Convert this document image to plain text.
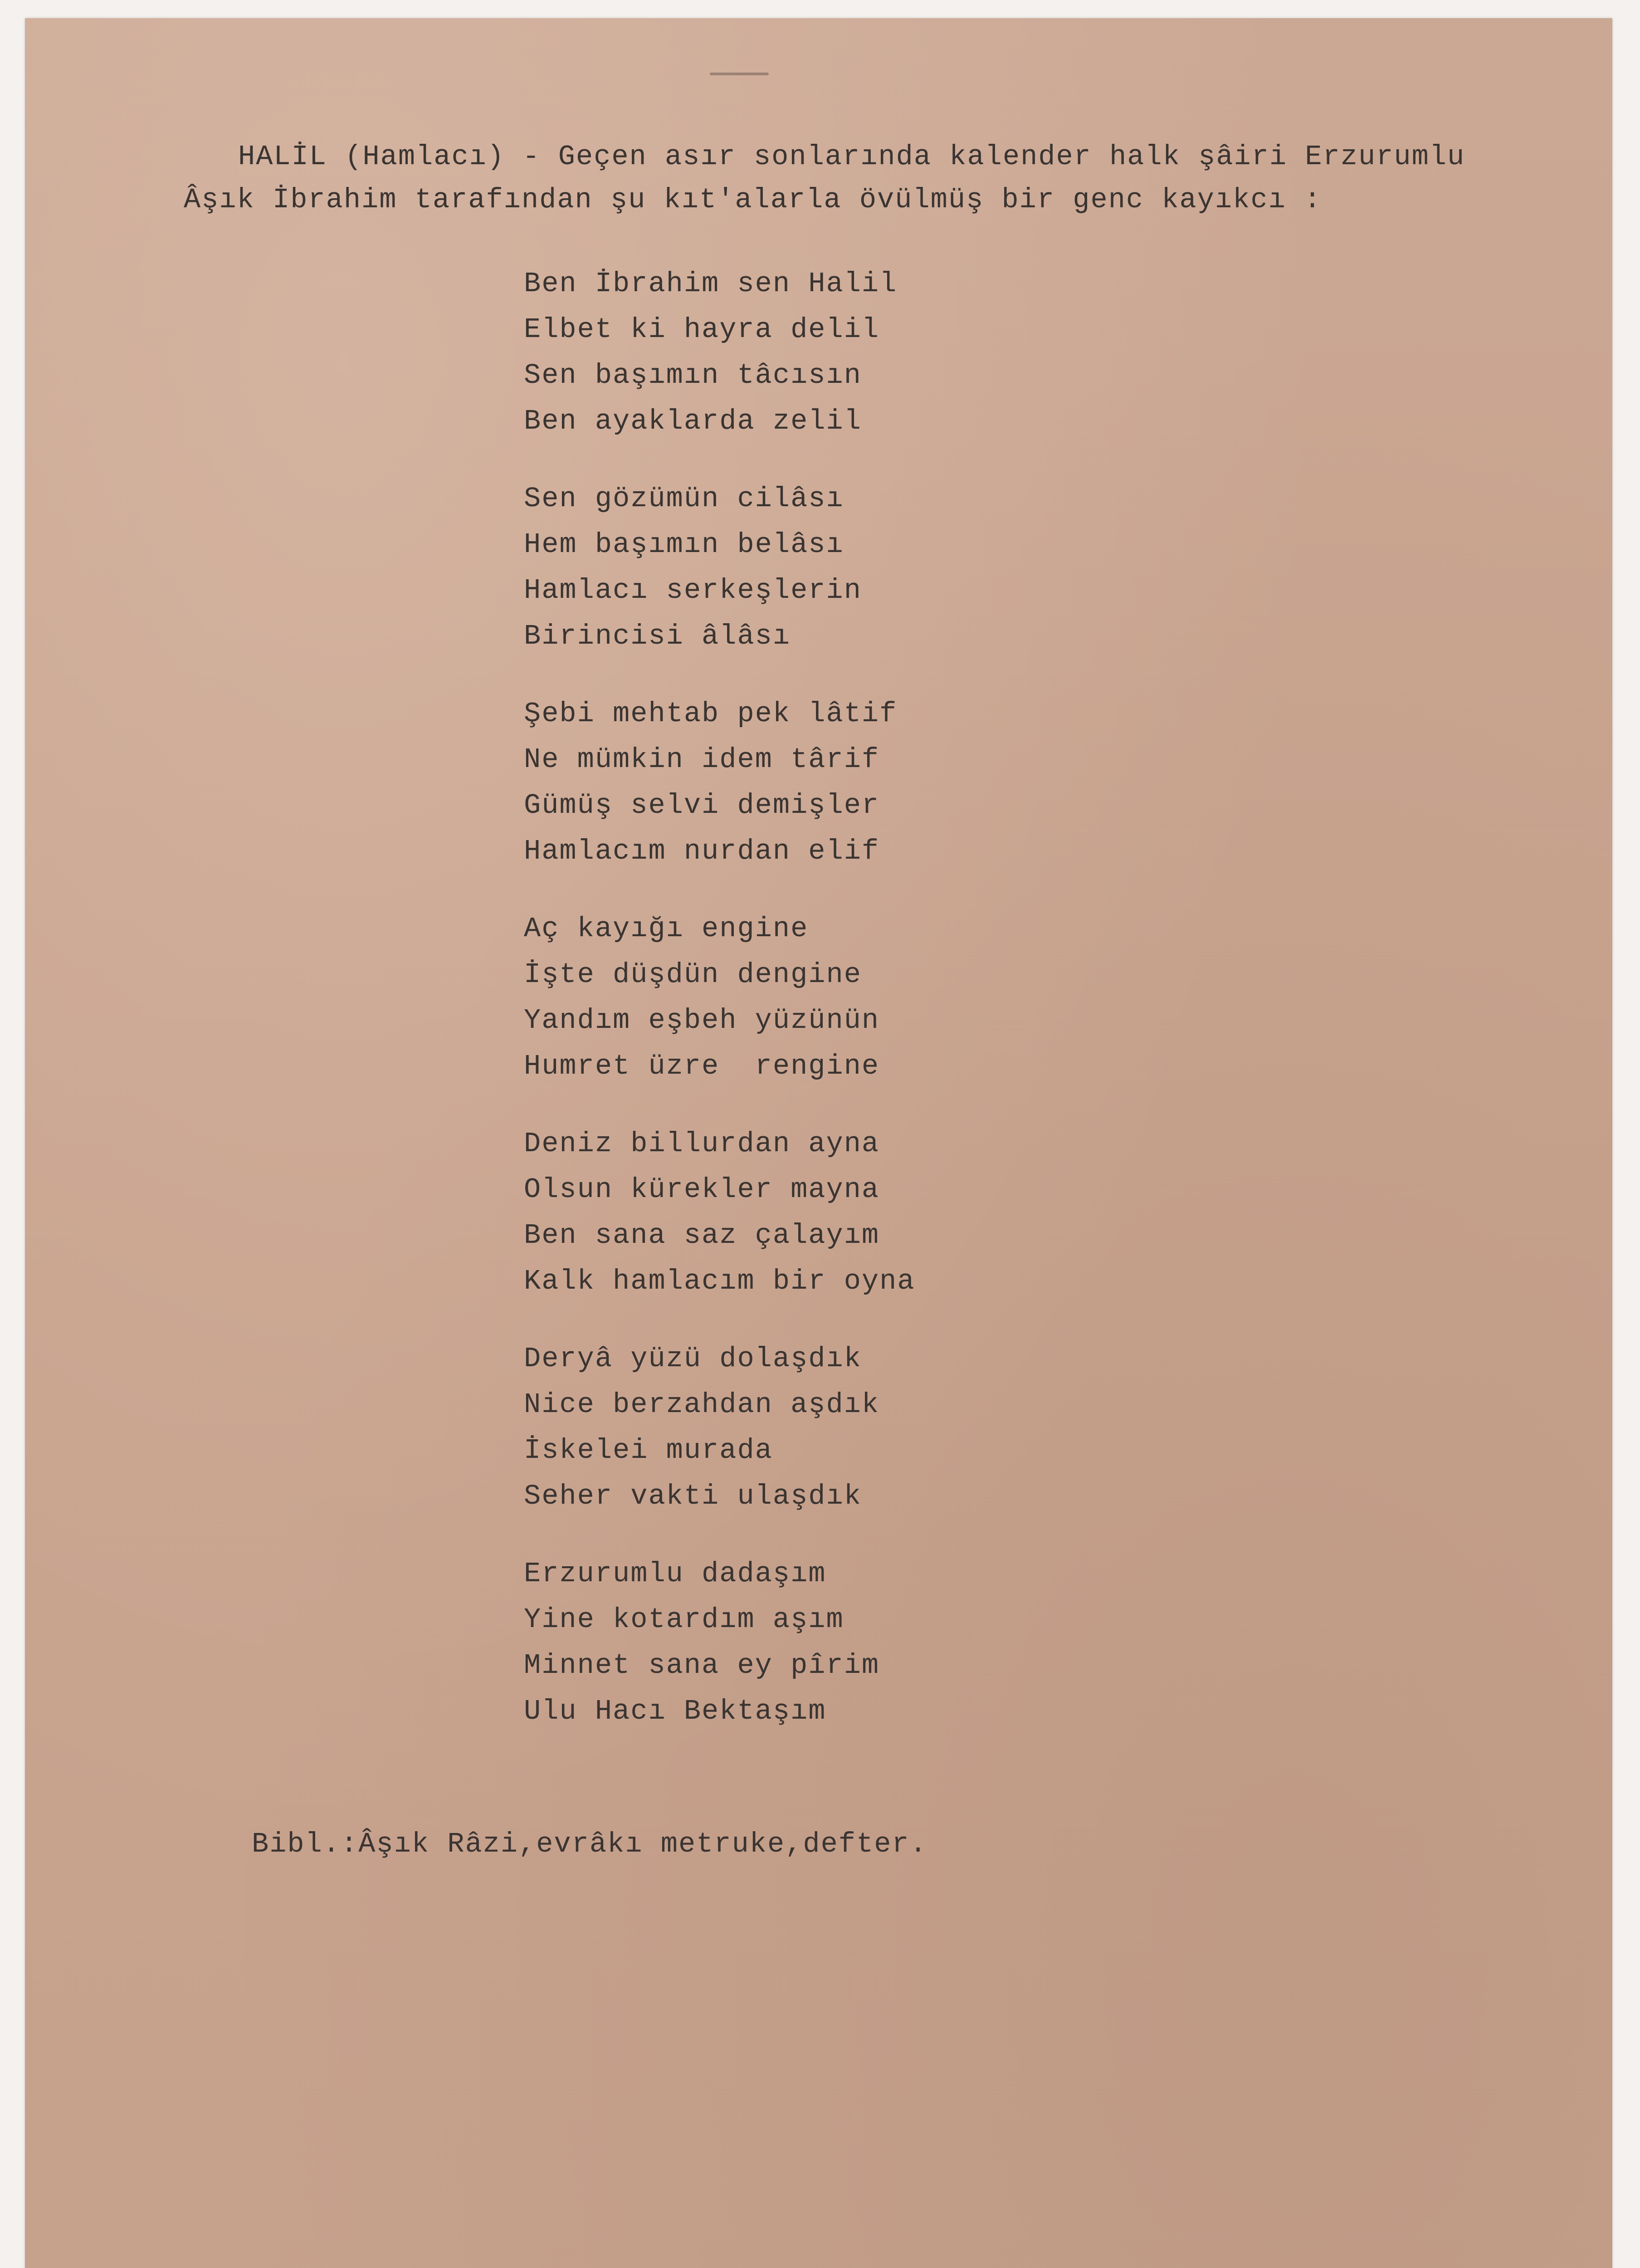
HALİL (Hamlacı) - Geçen asır sonlarında kalender halk şâiri Erzurumlu
Âşık İbrahim tarafından şu kıt'alarla övülmüş bir genc kayıkcı :
Ben İbrahim sen Halil
Elbet ki hayra delil
Sen başımın tâcısın
Ben ayaklarda zelil
Sen gözümün cilâsı
Hem başımın belâsı
Hamlacı serkeşlerin
Birincisi âlâsı
Şebi mehtab pek lâtif
Ne mümkin idem târif
Gümüş selvi demişler
Hamlacım nurdan elif
Aç kayığı engine
İşte düşdün dengine
Yandım eşbeh yüzünün
Humret üzre  rengine
Deniz billurdan ayna
Olsun kürekler mayna
Ben sana saz çalayım
Kalk hamlacım bir oyna
Deryâ yüzü dolaşdık
Nice berzahdan aşdık
İskelei murada
Seher vakti ulaşdık
Erzurumlu dadaşım
Yine kotardım aşım
Minnet sana ey pîrim
Ulu Hacı Bektaşım
Bibl.:Âşık Râzi,evrâkı metruke,defter.
